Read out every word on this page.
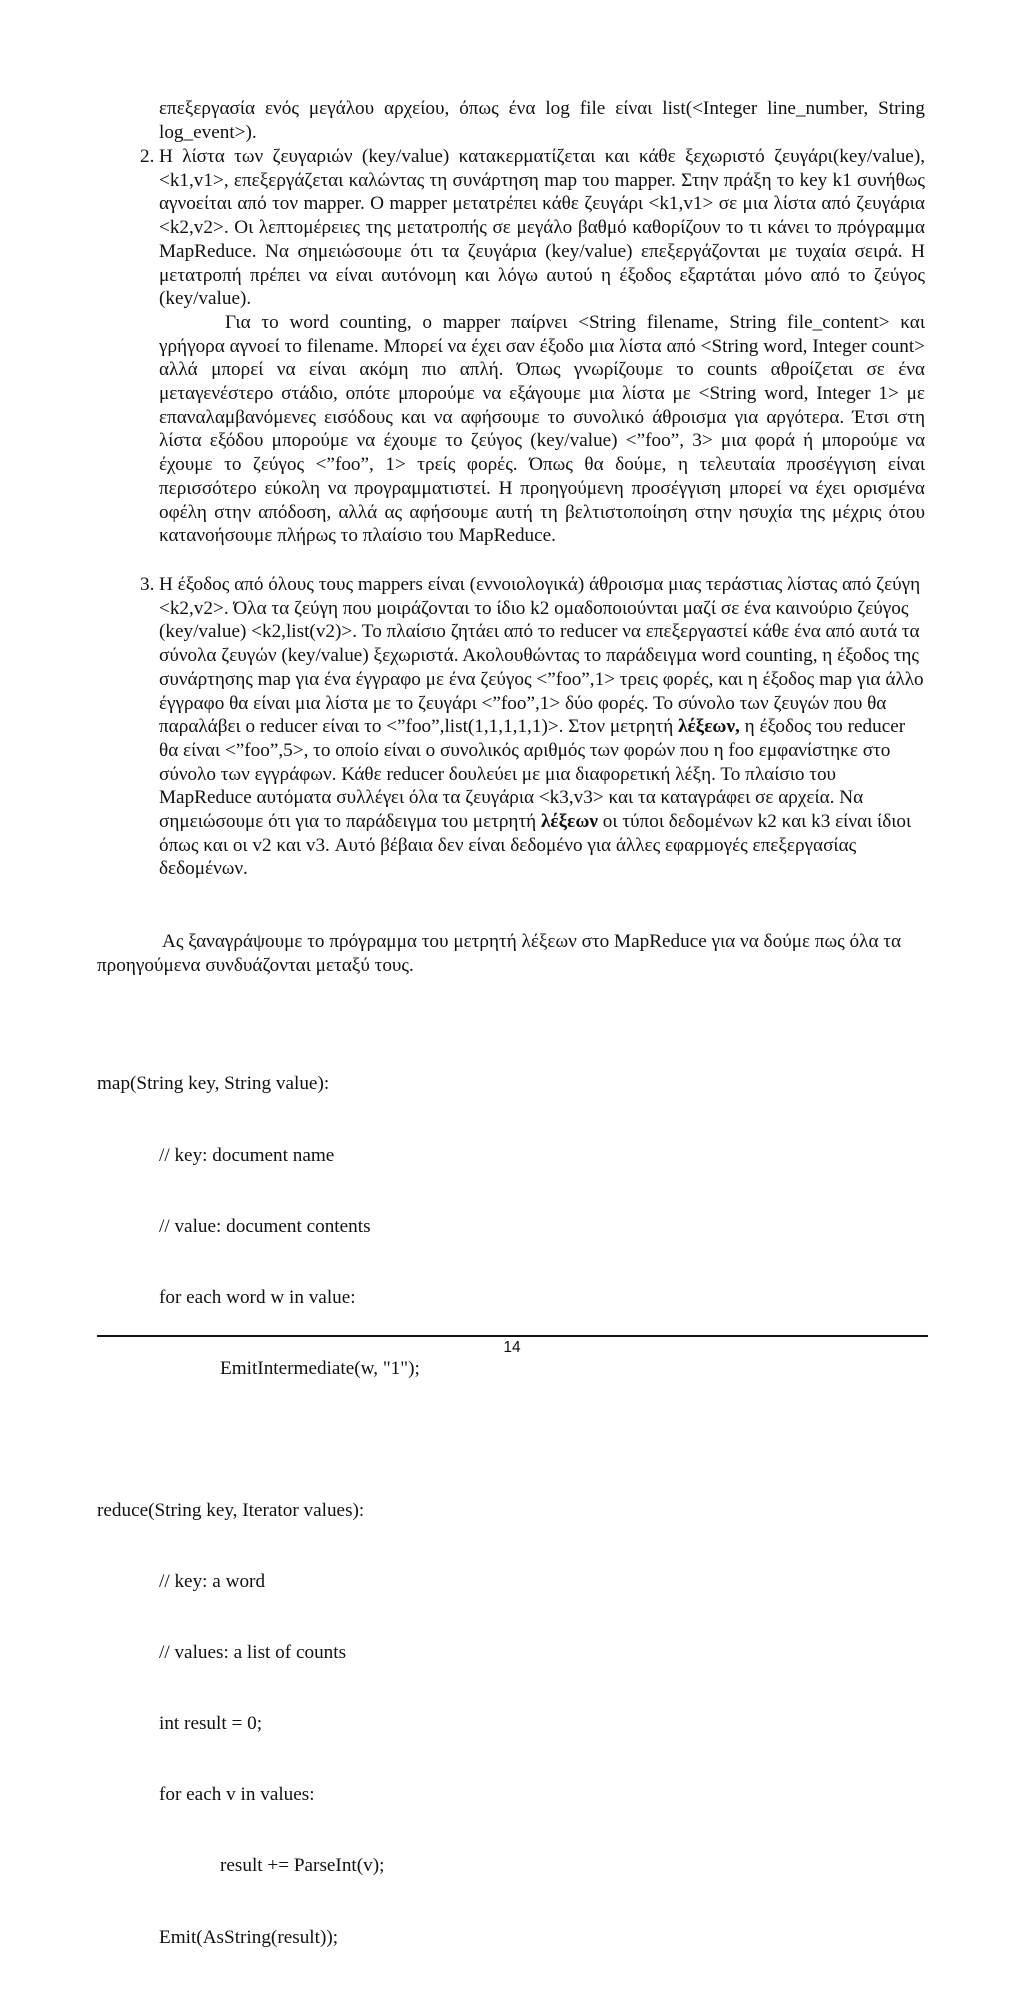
επεξεργασία ενός μεγάλου αρχείου, όπως ένα log file είναι list(<Integer line_number, String log_event>).
2. Η λίστα των ζευγαριών (key/value) κατακερματίζεται και κάθε ξεχωριστό ζευγάρι(key/value), <k1,v1>, επεξεργάζεται καλώντας τη συνάρτηση map του mapper. Στην πράξη το key k1 συνήθως αγνοείται από τον mapper. Ο mapper μετατρέπει κάθε ζευγάρι <k1,v1> σε μια λίστα από ζευγάρια <k2,v2>. Οι λεπτομέρειες της μετατροπής σε μεγάλο βαθμό καθορίζουν το τι κάνει το πρόγραμμα MapReduce. Να σημειώσουμε ότι τα ζευγάρια (key/value) επεξεργάζονται με τυχαία σειρά. Η μετατροπή πρέπει να είναι αυτόνομη και λόγω αυτού η έξοδος εξαρτάται μόνο από το ζεύγος (key/value).

Για το word counting, ο mapper παίρνει <String filename, String file_content> και γρήγορα αγνοεί το filename. Μπορεί να έχει σαν έξοδο μια λίστα από <String word, Integer count> αλλά μπορεί να είναι ακόμη πιο απλή. Όπως γνωρίζουμε το counts αθροίζεται σε ένα μεταγενέστερο στάδιο, οπότε μπορούμε να εξάγουμε μια λίστα με <String word, Integer 1> με επαναλαμβανόμενες εισόδους και να αφήσουμε το συνολικό άθροισμα για αργότερα. Έτσι στη λίστα εξόδου μπορούμε να έχουμε το ζεύγος (key/value) <”foo”, 3> μια φορά ή μπορούμε να έχουμε το ζεύγος <”foo”, 1> τρείς φορές. Όπως θα δούμε, η τελευταία προσέγγιση είναι περισσότερο εύκολη να προγραμματιστεί. Η προηγούμενη προσέγγιση μπορεί να έχει ορισμένα οφέλη στην απόδοση, αλλά ας αφήσουμε αυτή τη βελτιστοποίηση στην ησυχία της μέχρις ότου κατανοήσουμε πλήρως το πλαίσιο του MapReduce.

3. Η έξοδος από όλους τους mappers είναι (εννοιολογικά) άθροισμα μιας τεράστιας λίστας από ζεύγη <k2,v2>. Όλα τα ζεύγη που μοιράζονται το ίδιο k2 ομαδοποιούνται μαζί σε ένα καινούριο ζεύγος (key/value) <k2,list(v2)>. Το πλαίσιο ζητάει από το reducer να επεξεργαστεί κάθε ένα από αυτά τα σύνολα ζευγών (key/value) ξεχωριστά. Ακολουθώντας το παράδειγμα word counting, η έξοδος της συνάρτησης map για ένα έγγραφο με ένα ζεύγος <”foo”,1> τρεις φορές, και η έξοδος map για άλλο έγγραφο θα είναι μια λίστα με το ζευγάρι <”foo”,1> δύο φορές. Το σύνολο των ζευγών που θα παραλάβει ο reducer είναι το <”foo”,list(1,1,1,1,1)>. Στον μετρητή λέξεων, η έξοδος του reducer θα είναι <”foo”,5>, το οποίο είναι ο συνολικός αριθμός των φορών που η foo εμφανίστηκε στο σύνολο των εγγράφων. Κάθε reducer δουλεύει με μια διαφορετική λέξη. Το πλαίσιο του MapReduce αυτόματα συλλέγει όλα τα ζευγάρια <k3,v3> και τα καταγράφει σε αρχεία. Να σημειώσουμε ότι για το παράδειγμα του μετρητή λέξεων οι τύποι δεδομένων k2 και k3 είναι ίδιοι όπως και οι v2 και v3. Αυτό βέβαια δεν είναι δεδομένο για άλλες εφαρμογές επεξεργασίας δεδομένων.

Ας ξαναγράψουμε το πρόγραμμα του μετρητή λέξεων στο MapReduce για να δούμε πως όλα τα προηγούμενα συνδυάζονται μεταξύ τους.

map(String key, String value):

// key: document name

// value: document contents

for each word w in value:

EmitIntermediate(w, "1");

reduce(String key, Iterator values):

// key: a word

// values: a list of counts

int result = 0;

for each v in values:

result += ParseInt(v);

Emit(AsString(result));

14
